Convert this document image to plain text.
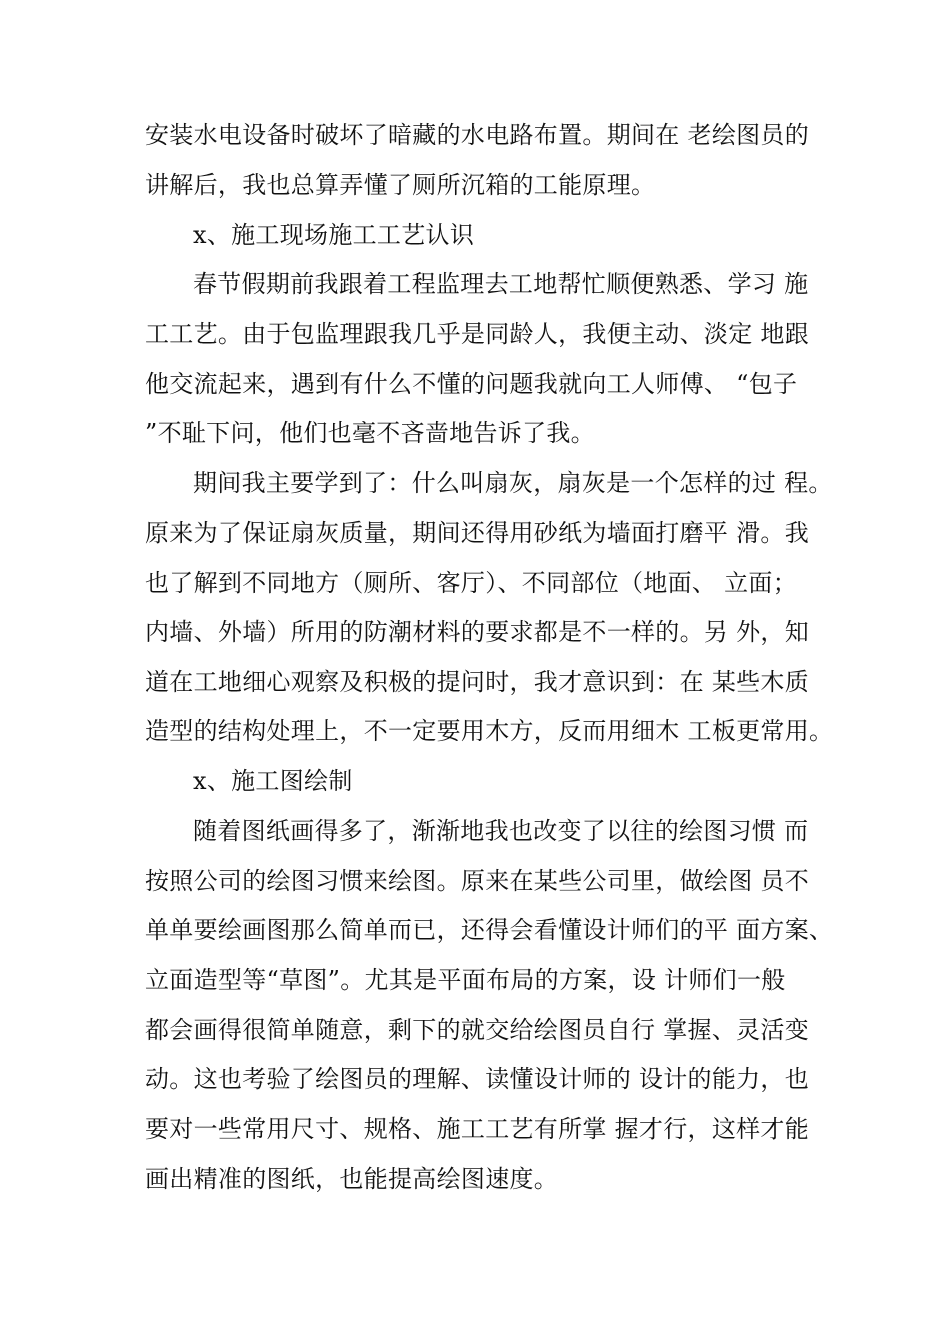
安装水电设备时破坏了暗藏的水电路布置。期间在 老绘图员的
讲解后，我也总算弄懂了厕所沉箱的工能原理。
x、施工现场施工工艺认识
春节假期前我跟着工程监理去工地帮忙顺便熟悉、学习 施
工工艺。由于包监理跟我几乎是同龄人，我便主动、淡定 地跟
他交流起来，遇到有什么不懂的问题我就向工人师傅、 “包子
”不耻下问，他们也毫不吝啬地告诉了我。
期间我主要学到了：什么叫扇灰，扇灰是一个怎样的过 程。
原来为了保证扇灰质量，期间还得用砂纸为墙面打磨平 滑。我
也了解到不同地方（厕所、客厅）、不同部位（地面、 立面；
内墙、外墙）所用的防潮材料的要求都是不一样的。另 外，知
道在工地细心观察及积极的提问时，我才意识到：在 某些木质
造型的结构处理上，不一定要用木方，反而用细木 工板更常用。
x、施工图绘制
随着图纸画得多了，渐渐地我也改变了以往的绘图习惯 而
按照公司的绘图习惯来绘图。原来在某些公司里，做绘图 员不
单单要绘画图那么简单而已，还得会看懂设计师们的平 面方案、
立面造型等“草图”。尤其是平面布局的方案，设 计师们一般
都会画得很简单随意，剩下的就交给绘图员自行 掌握、灵活变
动。这也考验了绘图员的理解、读懂设计师的 设计的能力，也
要对一些常用尺寸、规格、施工工艺有所掌 握才行，这样才能
画出精准的图纸，也能提高绘图速度。
